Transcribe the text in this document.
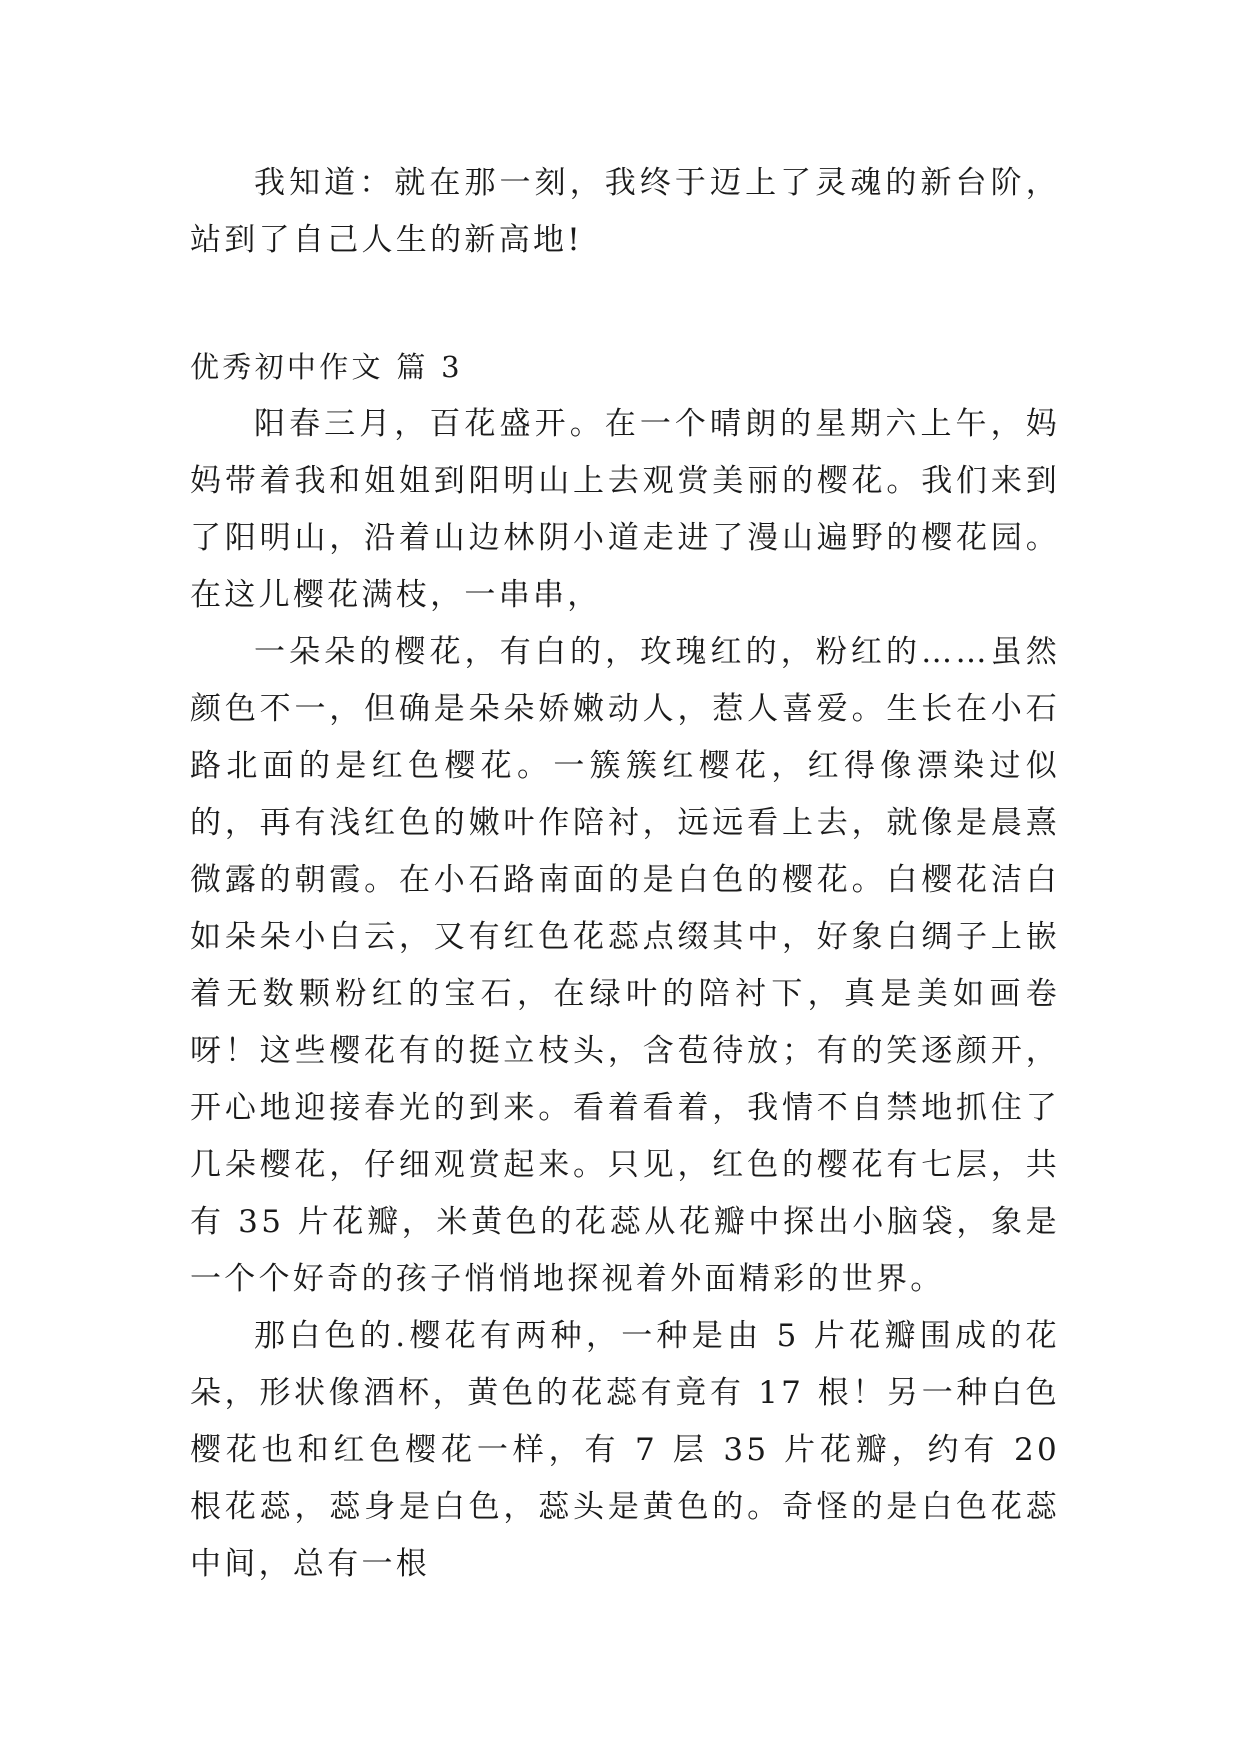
我知道：就在那一刻，我终于迈上了灵魂的新台阶，站到了自己人生的新高地!

优秀初中作文 篇 3

阳春三月，百花盛开。在一个晴朗的星期六上午，妈妈带着我和姐姐到阳明山上去观赏美丽的樱花。我们来到了阳明山，沿着山边林阴小道走进了漫山遍野的樱花园。在这儿樱花满枝，一串串，

一朵朵的樱花，有白的，玫瑰红的，粉红的……虽然颜色不一，但确是朵朵娇嫩动人，惹人喜爱。生长在小石路北面的是红色樱花。一簇簇红樱花，红得像漂染过似的，再有浅红色的嫩叶作陪衬，远远看上去，就像是晨熹微露的朝霞。在小石路南面的是白色的樱花。白樱花洁白如朵朵小白云，又有红色花蕊点缀其中，好象白绸子上嵌着无数颗粉红的宝石，在绿叶的陪衬下，真是美如画卷呀！这些樱花有的挺立枝头，含苞待放；有的笑逐颜开，开心地迎接春光的到来。看着看着，我情不自禁地抓住了几朵樱花，仔细观赏起来。只见，红色的樱花有七层，共有 35 片花瓣，米黄色的花蕊从花瓣中探出小脑袋，象是一个个好奇的孩子悄悄地探视着外面精彩的世界。

那白色的.樱花有两种，一种是由 5 片花瓣围成的花朵，形状像酒杯，黄色的花蕊有竟有 17 根！另一种白色樱花也和红色樱花一样，有 7 层 35 片花瓣，约有 20 根花蕊，蕊身是白色，蕊头是黄色的。奇怪的是白色花蕊中间，总有一根
